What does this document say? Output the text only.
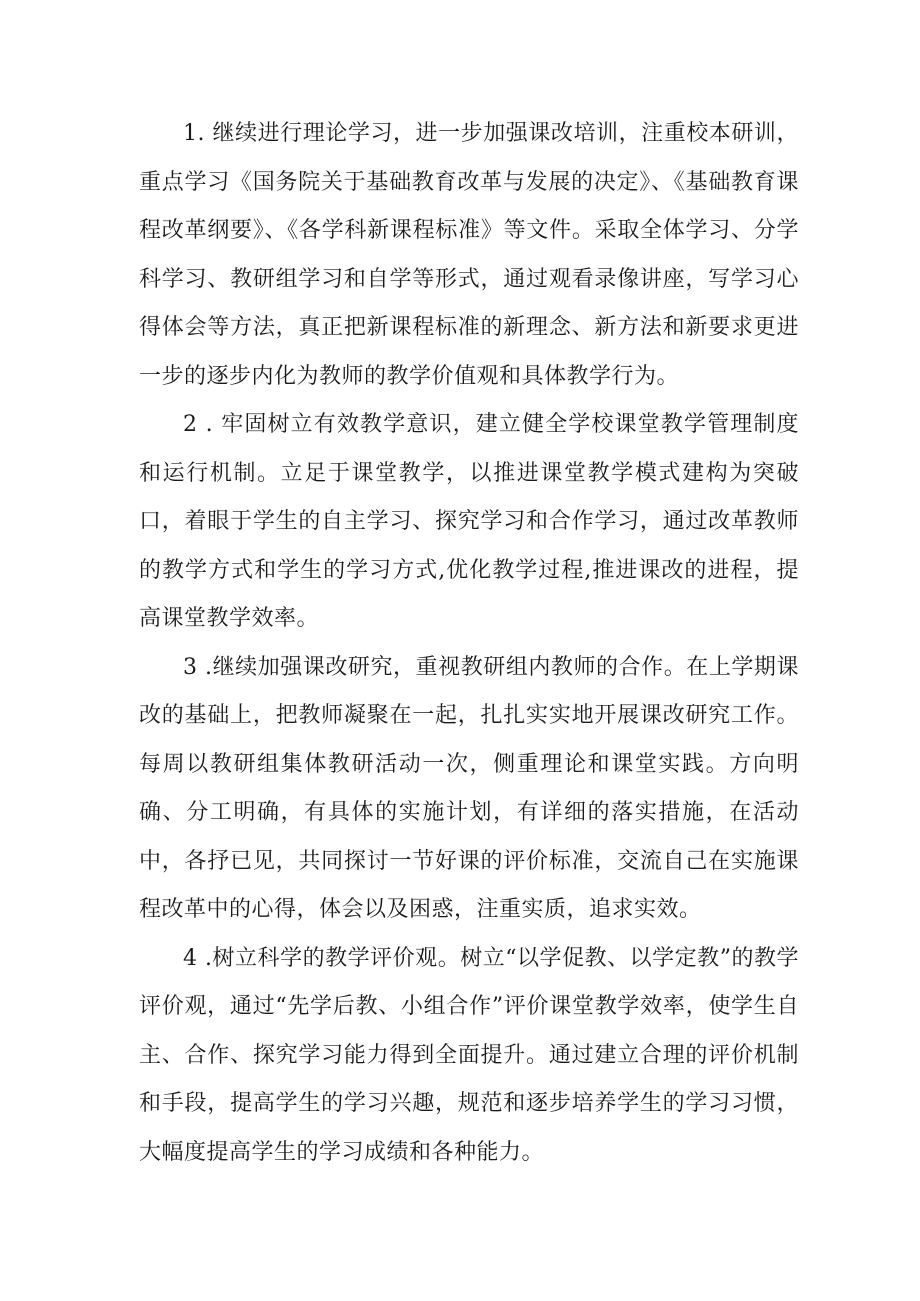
1. 继续进行理论学习，进一步加强课改培训，注重校本研训，重点学习《国务院关于基础教育改革与发展的决定》、《基础教育课程改革纲要》、《各学科新课程标准》等文件。采取全体学习、分学科学习、教研组学习和自学等形式，通过观看录像讲座，写学习心得体会等方法，真正把新课程标准的新理念、新方法和新要求更进一步的逐步内化为教师的教学价值观和具体教学行为。

2 . 牢固树立有效教学意识，建立健全学校课堂教学管理制度和运行机制。立足于课堂教学，以推进课堂教学模式建构为突破口，着眼于学生的自主学习、探究学习和合作学习，通过改革教师的教学方式和学生的学习方式,优化教学过程,推进课改的进程，提高课堂教学效率。

3 .继续加强课改研究，重视教研组内教师的合作。在上学期课改的基础上，把教师凝聚在一起，扎扎实实地开展课改研究工作。每周以教研组集体教研活动一次，侧重理论和课堂实践。方向明确、分工明确，有具体的实施计划，有详细的落实措施，在活动中，各抒已见，共同探讨一节好课的评价标准，交流自己在实施课程改革中的心得，体会以及困惑，注重实质，追求实效。

4 .树立科学的教学评价观。树立“以学促教、以学定教”的教学评价观，通过“先学后教、小组合作”评价课堂教学效率，使学生自主、合作、探究学习能力得到全面提升。通过建立合理的评价机制和手段，提高学生的学习兴趣，规范和逐步培养学生的学习习惯，大幅度提高学生的学习成绩和各种能力。
